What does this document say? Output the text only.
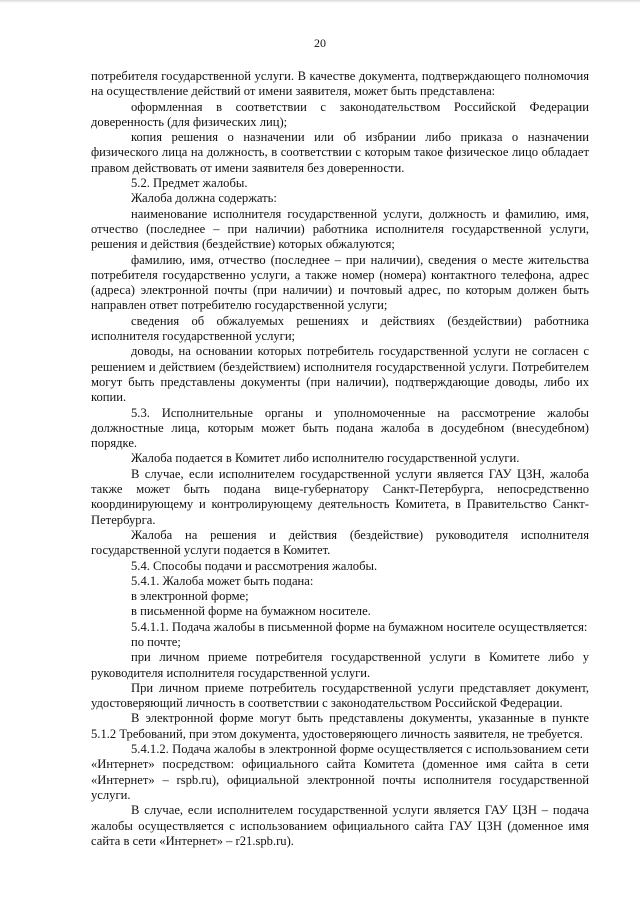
20

потребителя государственной услуги. В качестве документа, подтверждающего полномочия на осуществление действий от имени заявителя, может быть представлена:

оформленная в соответствии с законодательством Российской Федерации доверенность (для физических лиц);

копия решения о назначении или об избрании либо приказа о назначении физического лица на должность, в соответствии с которым такое физическое лицо обладает правом действовать от имени заявителя без доверенности.

5.2. Предмет жалобы.

Жалоба должна содержать:

наименование исполнителя государственной услуги, должность и фамилию, имя, отчество (последнее – при наличии) работника исполнителя государственной услуги, решения и действия (бездействие) которых обжалуются;

фамилию, имя, отчество (последнее – при наличии), сведения о месте жительства потребителя государственно услуги, а также номер (номера) контактного телефона, адрес (адреса) электронной почты (при наличии) и почтовый адрес, по которым должен быть направлен ответ потребителю государственной услуги;

сведения об обжалуемых решениях и действиях (бездействии) работника исполнителя государственной услуги;

доводы, на основании которых потребитель государственной услуги не согласен с решением и действием (бездействием) исполнителя государственной услуги. Потребителем могут быть представлены документы (при наличии), подтверждающие доводы, либо их копии.

5.3. Исполнительные органы и уполномоченные на рассмотрение жалобы должностные лица, которым может быть подана жалоба в досудебном (внесудебном) порядке.

Жалоба подается в Комитет либо исполнителю государственной услуги.

В случае, если исполнителем государственной услуги является ГАУ ЦЗН, жалоба также может быть подана вице-губернатору Санкт-Петербурга, непосредственно координирующему и контролирующему деятельность Комитета, в Правительство Санкт-Петербурга.

Жалоба на решения и действия (бездействие) руководителя исполнителя государственной услуги подается в Комитет.

5.4. Способы подачи и рассмотрения жалобы.

5.4.1. Жалоба может быть подана:

в электронной форме;

в письменной форме на бумажном носителе.

5.4.1.1. Подача жалобы в письменной форме на бумажном носителе осуществляется:

по почте;

при личном приеме потребителя государственной услуги в Комитете либо у руководителя исполнителя государственной услуги.

При личном приеме потребитель государственной услуги представляет документ, удостоверяющий личность в соответствии с законодательством Российской Федерации.

В электронной форме могут быть представлены документы, указанные в пункте 5.1.2 Требований, при этом документа, удостоверяющего личность заявителя, не требуется.

5.4.1.2. Подача жалобы в электронной форме осуществляется с использованием сети «Интернет» посредством: официального сайта Комитета (доменное имя сайта в сети «Интернет» – rspb.ru), официальной электронной почты исполнителя государственной услуги.

В случае, если исполнителем государственной услуги является ГАУ ЦЗН – подача жалобы осуществляется с использованием официального сайта ГАУ ЦЗН (доменное имя сайта в сети «Интернет» – r21.spb.ru).
